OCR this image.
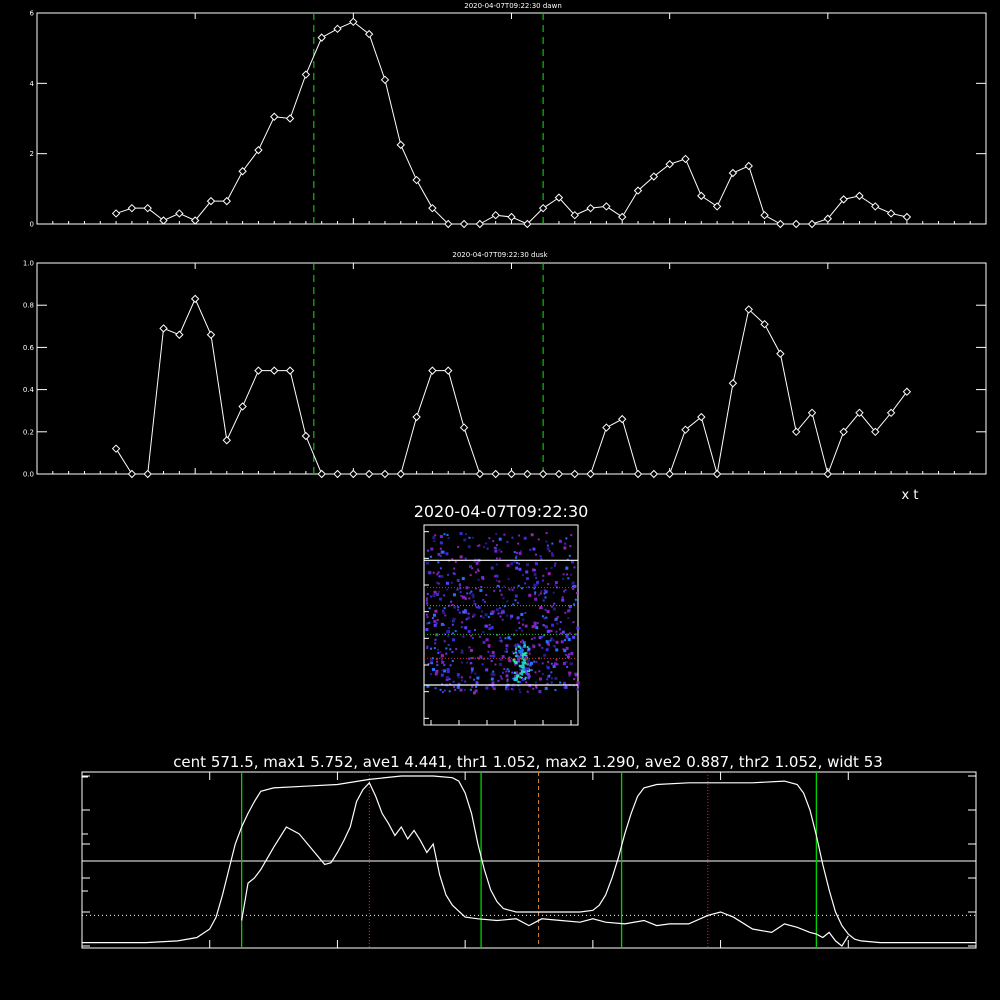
2020-04-07T09:22:30 dawn
0
2
4
6
2020-04-07T09:22:30 dusk
0.0
0.2
0.4
0.6
0.8
1.0
x t
2020-04-07T09:22:30
cent 571.5, max1 5.752, ave1 4.441, thr1 1.052, max2 1.290, ave2 0.887, thr2 1.052, widt 53
